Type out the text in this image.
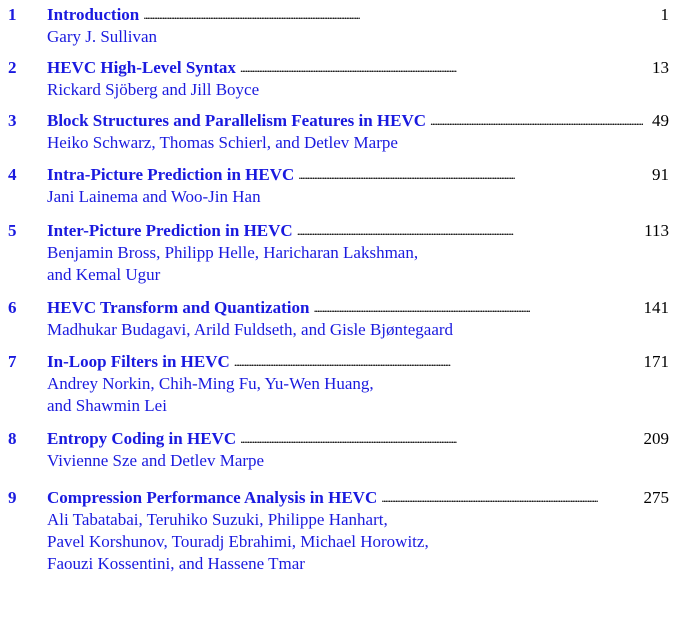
1 Introduction . . .	1
Gary J. Sullivan
2 HEVC High-Level Syntax . . .	13
Rickard Sjöberg and Jill Boyce
3 Block Structures and Parallelism Features in HEVC . . .	49
Heiko Schwarz, Thomas Schierl, and Detlev Marpe
4 Intra-Picture Prediction in HEVC . . .	91
Jani Lainema and Woo-Jin Han
5 Inter-Picture Prediction in HEVC . . .	113
Benjamin Bross, Philipp Helle, Haricharan Lakshman,
and Kemal Ugur
6 HEVC Transform and Quantization . . .	141
Madhukar Budagavi, Arild Fuldseth, and Gisle Bjøntegaard
7 In-Loop Filters in HEVC . . .	171
Andrey Norkin, Chih-Ming Fu, Yu-Wen Huang,
and Shawmin Lei
8 Entropy Coding in HEVC . . .	209
Vivienne Sze and Detlev Marpe
9 Compression Performance Analysis in HEVC . . .	275
Ali Tabatabai, Teruhiko Suzuki, Philippe Hanhart,
Pavel Korshunov, Touradj Ebrahimi, Michael Horowitz,
Faouzi Kossentini, and Hassene Tmar
